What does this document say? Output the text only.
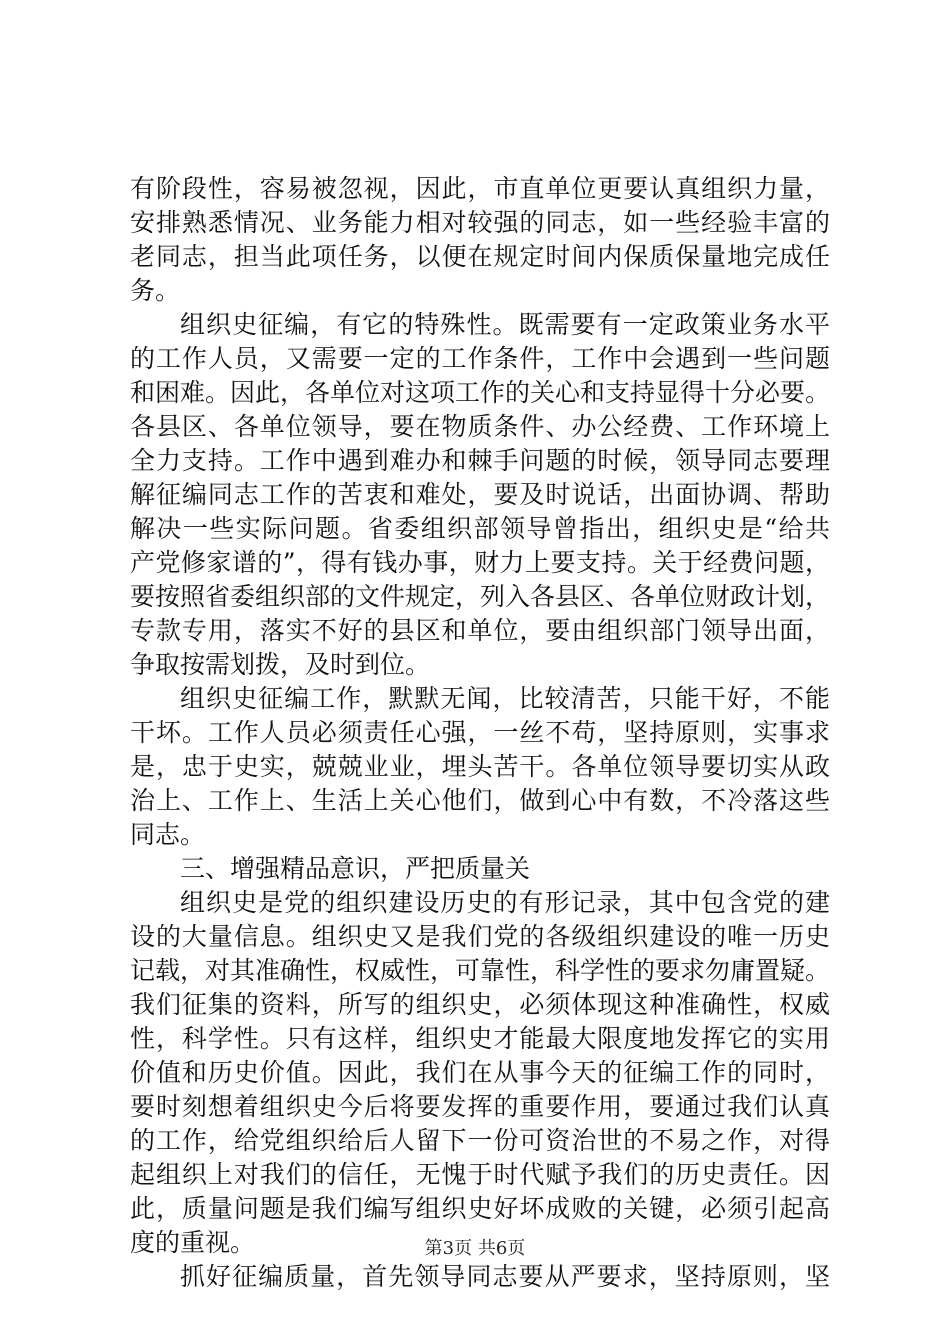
有阶段性，容易被忽视，因此，市直单位更要认真组织力量，
安排熟悉情况、业务能力相对较强的同志，如一些经验丰富的
老同志，担当此项任务，以便在规定时间内保质保量地完成任
务。
组织史征编，有它的特殊性。既需要有一定政策业务水平
的工作人员，又需要一定的工作条件，工作中会遇到一些问题
和困难。因此，各单位对这项工作的关心和支持显得十分必要。
各县区、各单位领导，要在物质条件、办公经费、工作环境上
全力支持。工作中遇到难办和棘手问题的时候，领导同志要理
解征编同志工作的苦衷和难处，要及时说话，出面协调、帮助
解决一些实际问题。省委组织部领导曾指出，组织史是“给共
产党修家谱的”，得有钱办事，财力上要支持。关于经费问题，
要按照省委组织部的文件规定，列入各县区、各单位财政计划，
专款专用，落实不好的县区和单位，要由组织部门领导出面，
争取按需划拨，及时到位。
组织史征编工作，默默无闻，比较清苦，只能干好，不能
干坏。工作人员必须责任心强，一丝不苟，坚持原则，实事求
是，忠于史实，兢兢业业，埋头苦干。各单位领导要切实从政
治上、工作上、生活上关心他们，做到心中有数，不冷落这些
同志。
三、增强精品意识，严把质量关
组织史是党的组织建设历史的有形记录，其中包含党的建
设的大量信息。组织史又是我们党的各级组织建设的唯一历史
记载，对其准确性，权威性，可靠性，科学性的要求勿庸置疑。
我们征集的资料，所写的组织史，必须体现这种准确性，权威
性，科学性。只有这样，组织史才能最大限度地发挥它的实用
价值和历史价值。因此，我们在从事今天的征编工作的同时，
要时刻想着组织史今后将要发挥的重要作用，要通过我们认真
的工作，给党组织给后人留下一份可资治世的不易之作，对得
起组织上对我们的信任，无愧于时代赋予我们的历史责任。因
此，质量问题是我们编写组织史好坏成败的关键，必须引起高
度的重视。
抓好征编质量，首先领导同志要从严要求，坚持原则，坚
第3页 共6页
